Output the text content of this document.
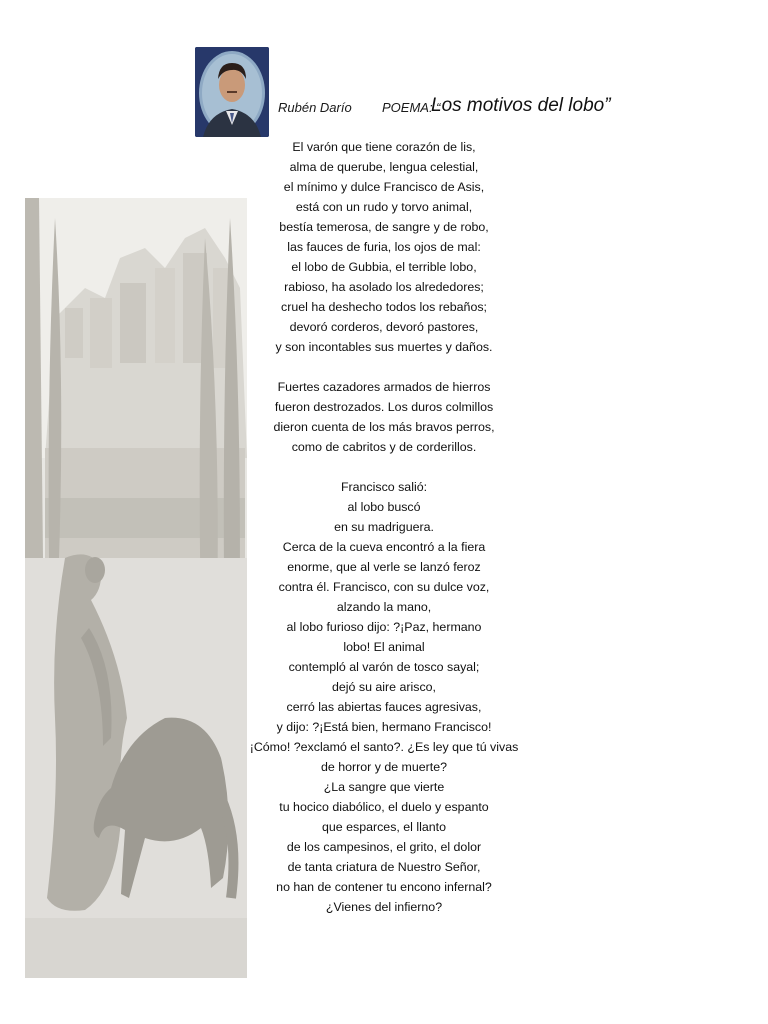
Rubén Darío POEMA: “
Los motivos del lobo”
El varón que tiene corazón de lis,
alma de querube, lengua celestial,
el mínimo y dulce Francisco de Asis,
está con un rudo y torvo animal,
bestía temerosa, de sangre y de robo,
las fauces de furia, los ojos de mal:
el lobo de Gubbia, el terrible lobo,
rabioso, ha asolado los alrededores;
cruel ha deshecho todos los rebaños;
devoró corderos, devoró pastores,
y son incontables sus muertes y daños.
Fuertes cazadores armados de hierros
fueron destrozados. Los duros colmillos
dieron cuenta de los más bravos perros,
como de cabritos y de corderillos.
Francisco salió:
al lobo buscó
en su madriguera.
Cerca de la cueva encontró a la fiera
enorme, que al verle se lanzó feroz
contra él. Francisco, con su dulce voz,
alzando la mano,
al lobo furioso dijo: ?¡Paz, hermano
lobo! El animal
contempló al varón de tosco sayal;
dejó su aire arisco,
cerró las abiertas fauces agresivas,
y dijo: ?¡Está bien, hermano Francisco!
¡Cómo! ?exclamó el santo?. ¿Es ley que tú vivas
de horror y de muerte?
¿La sangre que vierte
tu hocico diabólico, el duelo y espanto
que esparces, el llanto
de los campesinos, el grito, el dolor
de tanta criatura de Nuestro Señor,
no han de contener tu encono infernal?
¿Vienes del infierno?
